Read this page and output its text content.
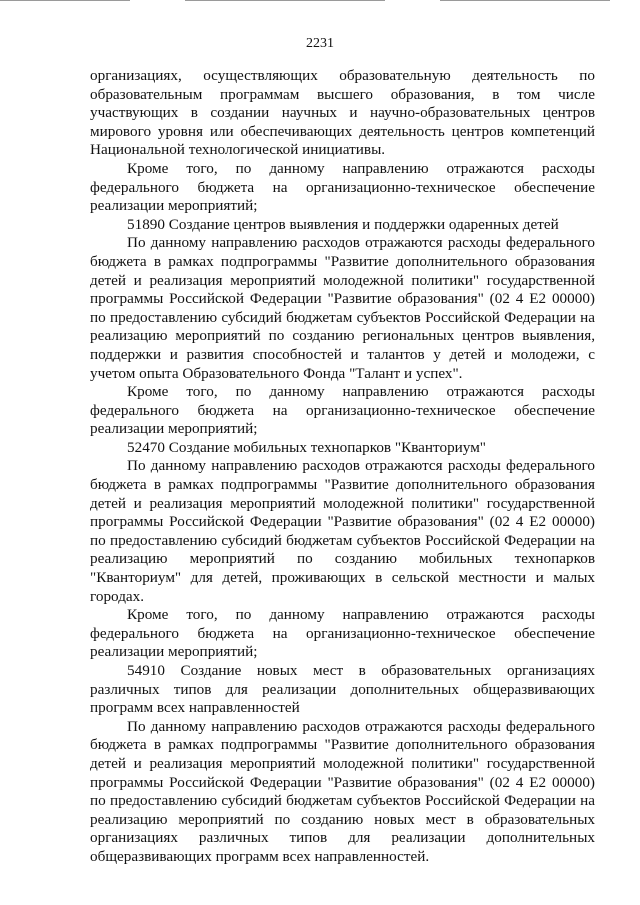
2231

организациях, осуществляющих образовательную деятельность по образовательным программам высшего образования, в том числе участвующих в создании научных и научно-образовательных центров мирового уровня или обеспечивающих деятельность центров компетенций Национальной технологической инициативы.

Кроме того, по данному направлению отражаются расходы федерального бюджета на организационно-техническое обеспечение реализации мероприятий;

51890 Создание центров выявления и поддержки одаренных детей

По данному направлению расходов отражаются расходы федерального бюджета в рамках подпрограммы "Развитие дополнительного образования детей и реализация мероприятий молодежной политики" государственной программы Российской Федерации "Развитие образования" (02 4 Е2 00000) по предоставлению субсидий бюджетам субъектов Российской Федерации на реализацию мероприятий по созданию региональных центров выявления, поддержки и развития способностей и талантов у детей и молодежи, с учетом опыта Образовательного Фонда "Талант и успех".

Кроме того, по данному направлению отражаются расходы федерального бюджета на организационно-техническое обеспечение реализации мероприятий;

52470 Создание мобильных технопарков "Кванториум"

По данному направлению расходов отражаются расходы федерального бюджета в рамках подпрограммы "Развитие дополнительного образования детей и реализация мероприятий молодежной политики" государственной программы Российской Федерации "Развитие образования" (02 4 Е2 00000) по предоставлению субсидий бюджетам субъектов Российской Федерации на реализацию мероприятий по созданию мобильных технопарков "Кванториум" для детей, проживающих в сельской местности и малых городах.

Кроме того, по данному направлению отражаются расходы федерального бюджета на организационно-техническое обеспечение реализации мероприятий;

54910 Создание новых мест в образовательных организациях различных типов для реализации дополнительных общеразвивающих программ всех направленностей

По данному направлению расходов отражаются расходы федерального бюджета в рамках подпрограммы "Развитие дополнительного образования детей и реализация мероприятий молодежной политики" государственной программы Российской Федерации "Развитие образования" (02 4 Е2 00000) по предоставлению субсидий бюджетам субъектов Российской Федерации на реализацию мероприятий по созданию новых мест в образовательных организациях различных типов для реализации дополнительных общеразвивающих программ всех направленностей.
